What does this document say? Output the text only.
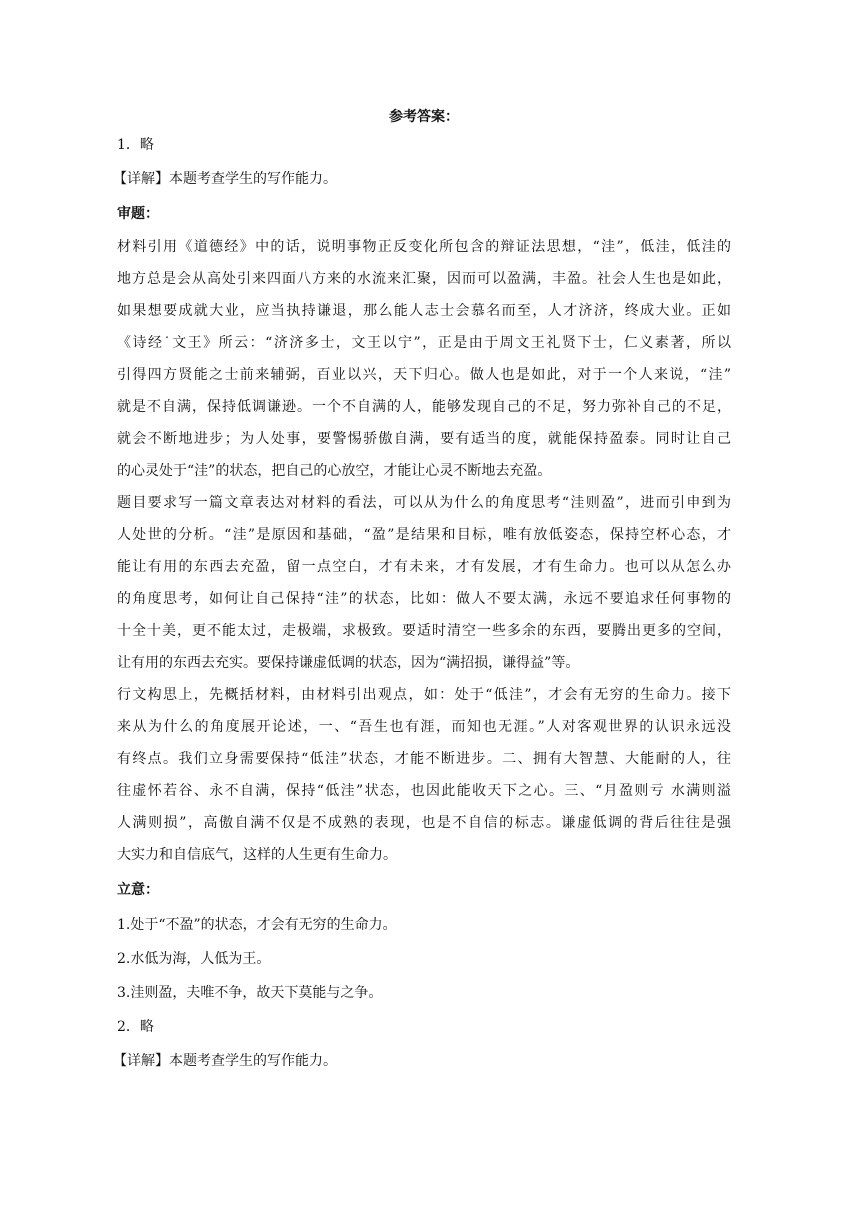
参考答案：
1．略
【详解】本题考查学生的写作能力。
审题：
材料引用《道德经》中的话，说明事物正反变化所包含的辩证法思想，“洼”，低洼，低洼的
地方总是会从高处引来四面八方来的水流来汇聚，因而可以盈满，丰盈。社会人生也是如此，
如果想要成就大业，应当执持谦退，那么能人志士会慕名而至，人才济济，终成大业。正如
《诗经˙文王》所云：“济济多士，文王以宁”，正是由于周文王礼贤下士，仁义素著，所以
引得四方贤能之士前来辅弼，百业以兴，天下归心。做人也是如此，对于一个人来说，“洼”
就是不自满，保持低调谦逊。一个不自满的人，能够发现自己的不足，努力弥补自己的不足，
就会不断地进步；为人处事，要警惕骄傲自满，要有适当的度，就能保持盈泰。同时让自己
的心灵处于“洼”的状态，把自己的心放空，才能让心灵不断地去充盈。
题目要求写一篇文章表达对材料的看法，可以从为什么的角度思考“洼则盈”，进而引申到为
人处世的分析。“洼”是原因和基础，“盈”是结果和目标，唯有放低姿态，保持空杯心态，才
能让有用的东西去充盈，留一点空白，才有未来，才有发展，才有生命力。也可以从怎么办
的角度思考，如何让自己保持“洼”的状态，比如：做人不要太满，永远不要追求任何事物的
十全十美，更不能太过，走极端，求极致。要适时清空一些多余的东西，要腾出更多的空间，
让有用的东西去充实。要保持谦虚低调的状态，因为“满招损，谦得益”等。
行文构思上，先概括材料，由材料引出观点，如：处于“低洼”，才会有无穷的生命力。接下
来从为什么的角度展开论述，一、“吾生也有涯，而知也无涯。”人对客观世界的认识永远没
有终点。我们立身需要保持“低洼”状态，才能不断进步。二、拥有大智慧、大能耐的人，往
往虚怀若谷、永不自满，保持“低洼”状态，也因此能收天下之心。三、“月盈则亏 水满则溢
人满则损”，高傲自满不仅是不成熟的表现，也是不自信的标志。谦虚低调的背后往往是强
大实力和自信底气，这样的人生更有生命力。
立意：
1.处于“不盈”的状态，才会有无穷的生命力。
2.水低为海，人低为王。
3.洼则盈，夫唯不争，故天下莫能与之争。
2．略
【详解】本题考查学生的写作能力。
